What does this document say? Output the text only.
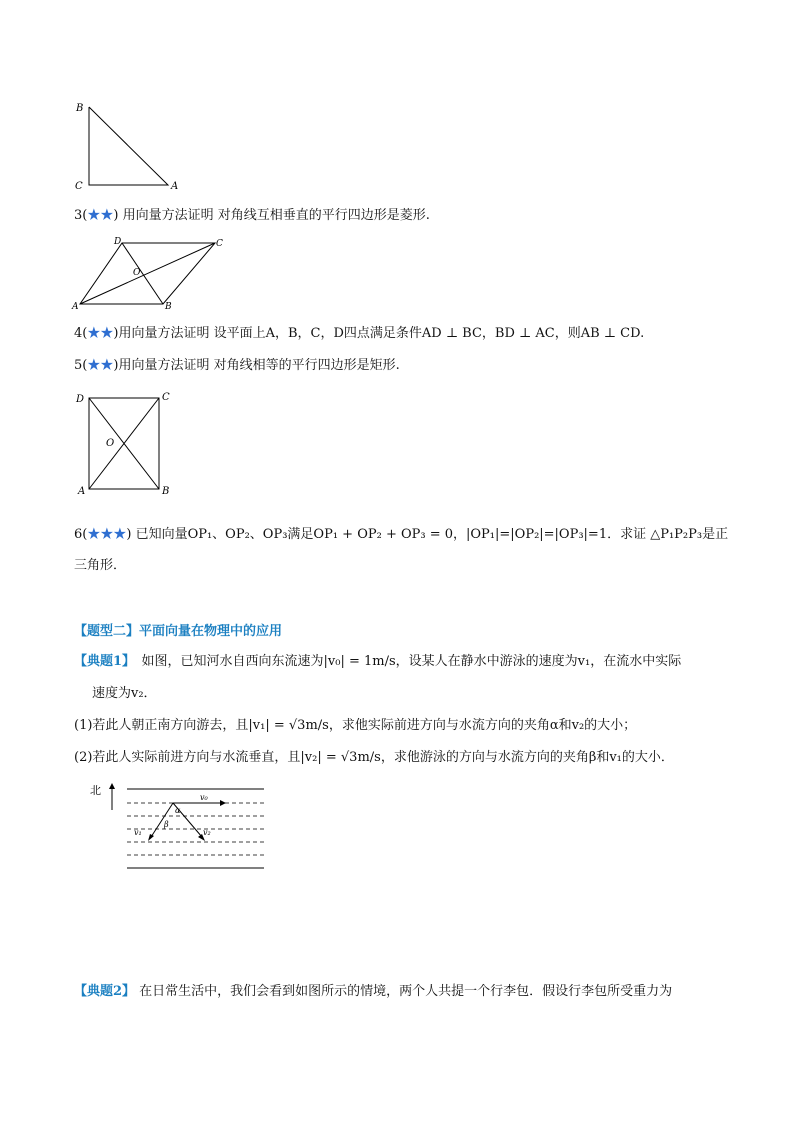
B
C	A
3(★★) 用向量方法证明 对角线互相垂直的平行四边形是菱形.
D	C
O
A	B
4(★★)用向量方法证明 设平面上A，B，C，D四点满足条件AD ⊥ BC，BD ⊥ AC，则AB ⊥ CD.
5(★★)用向量方法证明 对角线相等的平行四边形是矩形.
D	C
O
A	B
6(★★★) 已知向量OP₁、OP₂、OP₃满足OP₁ + OP₂ + OP₃ = 0，|OP₁|=|OP₂|=|OP₃|=1．求证 △P₁P₂P₃是正
三角形．
【题型二】平面向量在物理中的应用
【典题1】　如图，已知河水自西向东流速为|v₀| = 1m/s，设某人在静水中游泳的速度为v₁，在流水中实际
速度为v₂．
(1)若此人朝正南方向游去，且|v₁| = √3m/s，求他实际前进方向与水流方向的夹角α和v₂的大小；
(2)若此人实际前进方向与水流垂直，且|v₂| = √3m/s，求他游泳的方向与水流方向的夹角β和v₁的大小．
北
v₀
v₁	v₂
α
β
【典题2】 在日常生活中，我们会看到如图所示的情境，两个人共提一个行李包．假设行李包所受重力为
